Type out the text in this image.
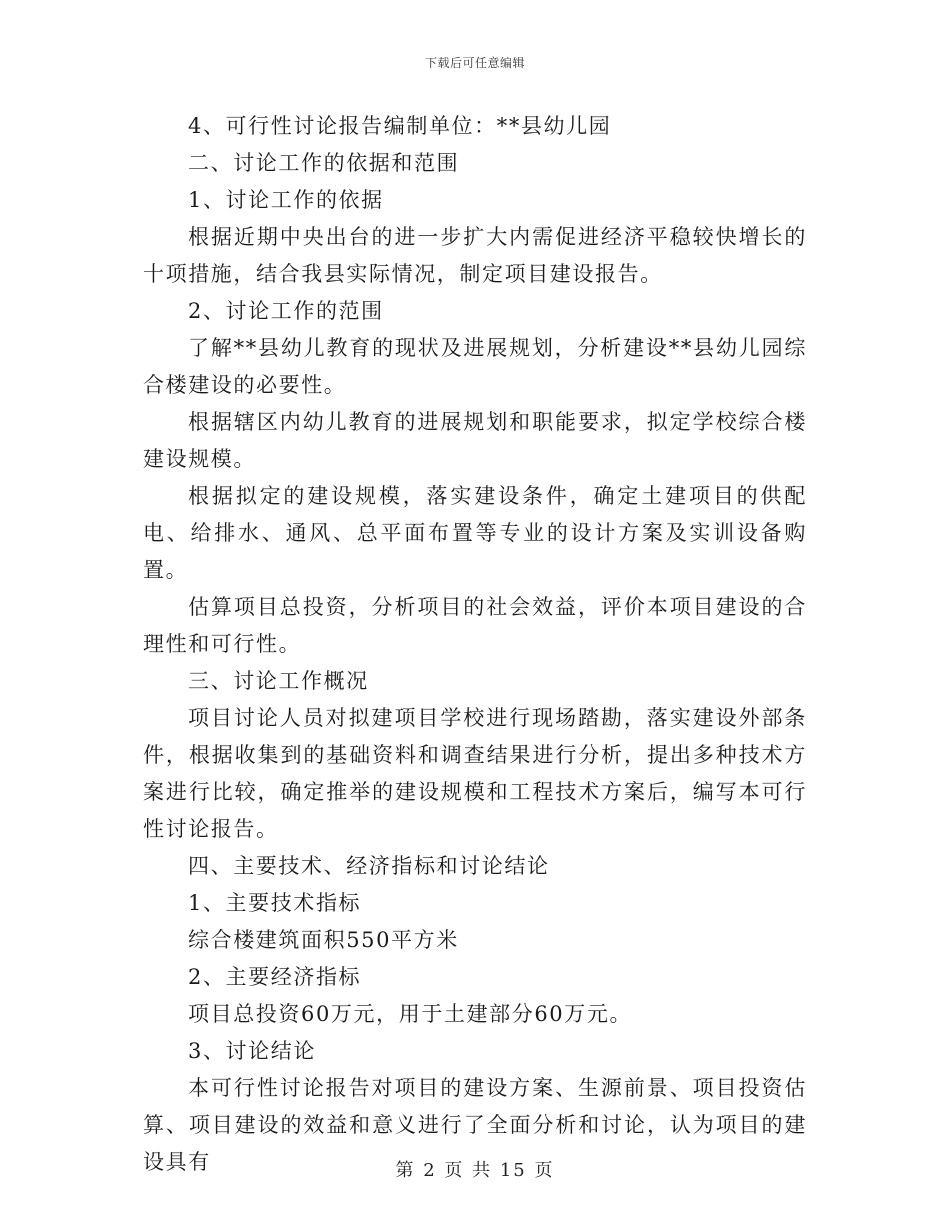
下载后可任意编辑

4、可行性讨论报告编制单位：**县幼儿园

二、讨论工作的依据和范围

1、讨论工作的依据

根据近期中央出台的进一步扩大内需促进经济平稳较快增长的十项措施，结合我县实际情况，制定项目建设报告。

2、讨论工作的范围

了解**县幼儿教育的现状及进展规划，分析建设**县幼儿园综合楼建设的必要性。

根据辖区内幼儿教育的进展规划和职能要求，拟定学校综合楼建设规模。

根据拟定的建设规模，落实建设条件，确定土建项目的供配电、给排水、通风、总平面布置等专业的设计方案及实训设备购置。

估算项目总投资，分析项目的社会效益，评价本项目建设的合理性和可行性。

三、讨论工作概况

项目讨论人员对拟建项目学校进行现场踏勘，落实建设外部条件，根据收集到的基础资料和调查结果进行分析，提出多种技术方案进行比较，确定推举的建设规模和工程技术方案后，编写本可行性讨论报告。

四、主要技术、经济指标和讨论结论

1、主要技术指标

综合楼建筑面积550平方米

2、主要经济指标

项目总投资60万元，用于土建部分60万元。

3、讨论结论

本可行性讨论报告对项目的建设方案、生源前景、项目投资估算、项目建设的效益和意义进行了全面分析和讨论，认为项目的建设具有	第 2 页 共 15 页
